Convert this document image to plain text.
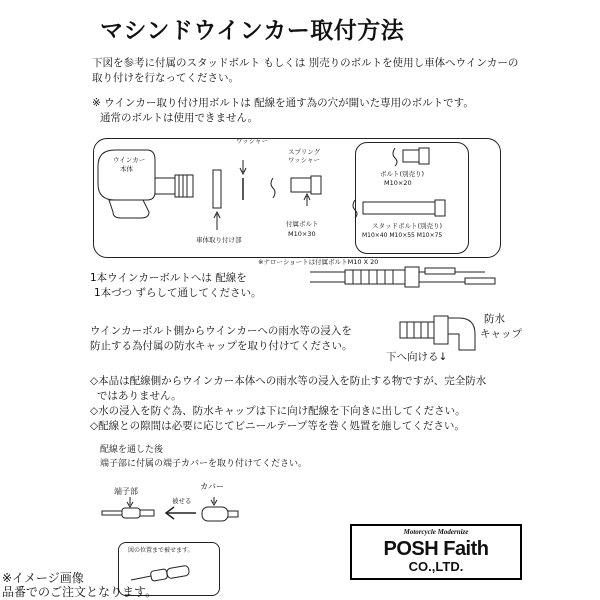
マシンドウインカー取付方法
下図を参考に付属のスタッドボルト もしくは 別売りのボルトを使用し車体へウインカーの
取り付けを行なってください。
※ ウインカー取り付け用ボルトは 配線を通す為の穴が開いた専用のボルトです。
通常のボルトは使用できません。
ウインカー
本体
ワッシャー
スプリング
ワッシャー
車体取り付け部
付属ボルト
M10×30
ボルト(別売り)
M10×20
スタッドボルト(別売り)
M10×40 M10×55 M10×75
※ナローショートは付属ボルトM10 X 20
1本ウインカーボルトへは 配線を
1本づつ ずらして通してください。
ウインカーボルト側からウインカーへの雨水等の浸入を
防止する為付属の防水キャップを取り付けてください。
防水
キャップ
下へ向ける↓
◇本品は配線側からウインカー本体への雨水等の浸入を防止する物ですが、完全防水
ではありません。
◇水の浸入を防ぐ為、防水キャップは下に向け配線を下向きに出してください。
◇配線との隙間は必要に応じてビニールテープ等を巻く処置を施してください。
配線を通した後
端子部に付属の端子カバーを取り付けてください。
端子部
カバー
被せる
図の位置まで被せます。
Motorcycle Modernize
POSH Faith
CO.,LTD.
※イメージ画像
品番でのご注文となります。
